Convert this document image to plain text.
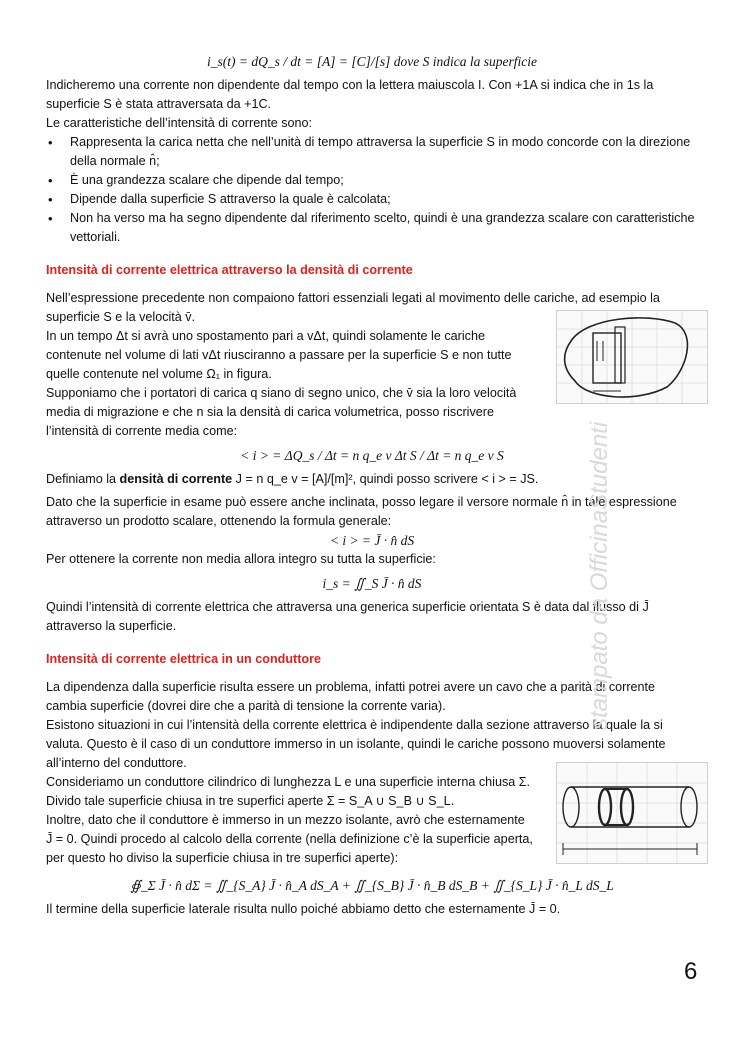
i_s(t) = dQ_s / dt = [A] = [C]/[s] dove S indica la superficie

Indicheremo una corrente non dipendente dal tempo con la lettera maiuscola I. Con +1A si indica che in 1s la superficie S è stata attraversata da +1C.

Le caratteristiche dell’intensità di corrente sono:

• Rappresenta la carica netta che nell’unità di tempo attraversa la superficie S in modo concorde con la direzione della normale n̂;
• È una grandezza scalare che dipende dal tempo;
• Dipende dalla superficie S attraverso la quale è calcolata;
• Non ha verso ma ha segno dipendente dal riferimento scelto, quindi è una grandezza scalare con caratteristiche vettoriali.

Intensità di corrente elettrica attraverso la densità di corrente

Nell’espressione precedente non compaiono fattori essenziali legati al movimento delle cariche, ad esempio la superficie S e la velocità v̄.

In un tempo Δt si avrà uno spostamento pari a vΔt, quindi solamente le cariche contenute nel volume di lati vΔt riusciranno a passare per la superficie S e non tutte quelle contenute nel volume Ω₁ in figura.

Supponiamo che i portatori di carica q siano di segno unico, che v̄ sia la loro velocità media di migrazione e che n sia la densità di carica volumetrica, posso riscrivere l’intensità di corrente media come:

< i > = ΔQ_s / Δt = n q_e v Δt S / Δt = n q_e v S

Definiamo la densità di corrente J = n q_e v = [A]/[m]², quindi posso scrivere < i > = JS.

Dato che la superficie in esame può essere anche inclinata, posso legare il versore normale n̂ in tale espressione attraverso un prodotto scalare, ottenendo la formula generale:

< i > = J̄ · n̂ dS

Per ottenere la corrente non media allora integro su tutta la superficie:

i_s = ∬_S J̄ · n̂ dS

Quindi l’intensità di corrente elettrica che attraversa una generica superficie orientata S è data dal flusso di J̄ attraverso la superficie.

Intensità di corrente elettrica in un conduttore

La dipendenza dalla superficie risulta essere un problema, infatti potrei avere un cavo che a parità di corrente cambia superficie (dovrei dire che a parità di tensione la corrente varia).

Esistono situazioni in cui l’intensità della corrente elettrica è indipendente dalla sezione attraverso la quale la si valuta. Questo è il caso di un conduttore immerso in un isolante, quindi le cariche possono muoversi solamente all’interno del conduttore.

Consideriamo un conduttore cilindrico di lunghezza L e una superficie interna chiusa Σ. Divido tale superficie chiusa in tre superfici aperte Σ = S_A ∪ S_B ∪ S_L.

Inoltre, dato che il conduttore è immerso in un mezzo isolante, avrò che esternamente J̄ = 0. Quindi procedo al calcolo della corrente (nella definizione c’è la superficie aperta, per questo ho diviso la superficie chiusa in tre superfici aperte):

∯_Σ J̄ · n̂ dΣ = ∬_{S_A} J̄ · n̂_A dS_A + ∬_{S_B} J̄ · n̂_B dS_B + ∬_{S_L} J̄ · n̂_L dS_L

Il termine della superficie laterale risulta nullo poiché abbiamo detto che esternamente J̄ = 0.

stampato da OfficinaStudenti
6
